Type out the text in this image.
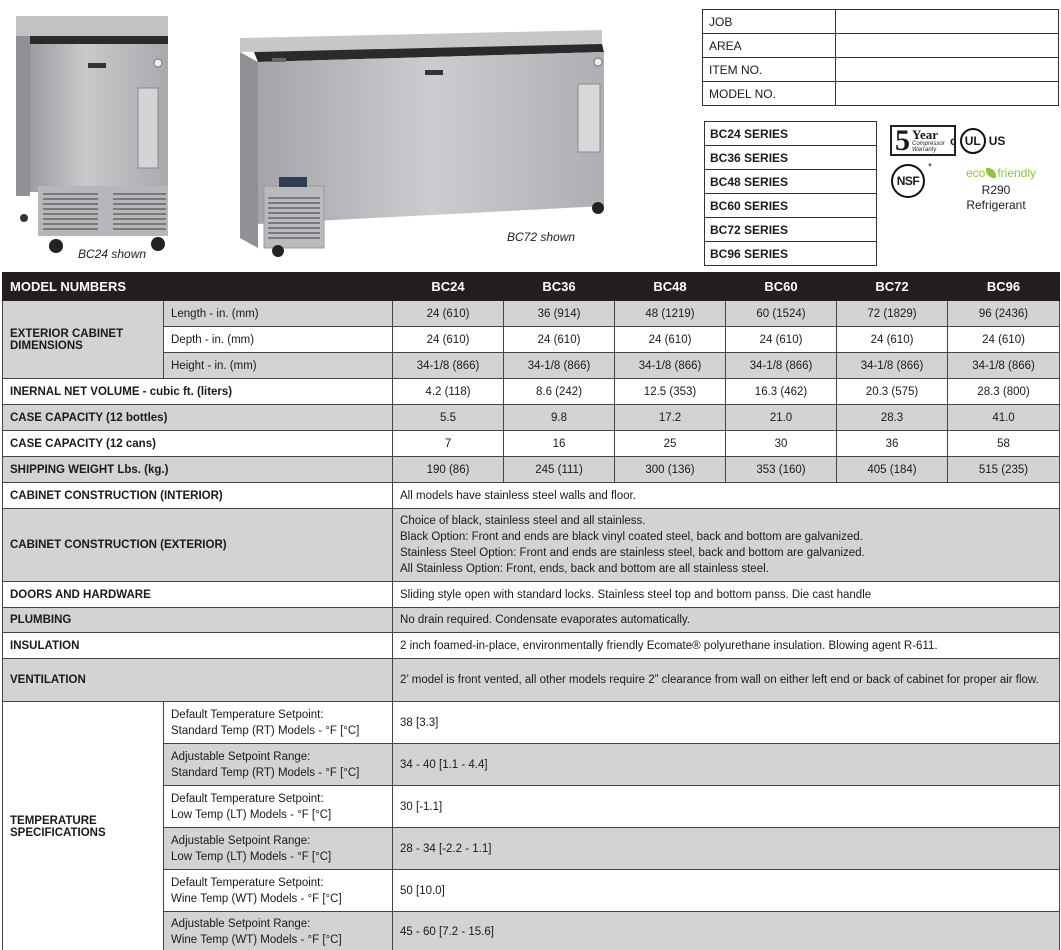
BC24 shown
BC72 shown
JOB	
AREA	
ITEM NO.	
MODEL NO.	
BC24 SERIES
BC36 SERIES
BC48 SERIES
BC60 SERIES
BC72 SERIES
BC96 SERIES
5 Year
Compressor
Warranty
c UL US
NSF
*	eco friendly
R290
Refrigerant
MODEL NUMBERS		BC24	BC36	BC48	BC60	BC72	BC96
EXTERIOR CABINET DIMENSIONS	Length - in. (mm)	24 (610)	36 (914)	48 (1219)	60 (1524)	72 (1829)	96 (2436)
	Depth - in. (mm)	24 (610)	24 (610)	24 (610)	24 (610)	24 (610)	24 (610)
	Height - in. (mm)	34-1/8 (866)	34-1/8 (866)	34-1/8 (866)	34-1/8 (866)	34-1/8 (866)	34-1/8 (866)
INERNAL NET VOLUME - cubic ft. (liters)		4.2 (118)	8.6 (242)	12.5 (353)	16.3 (462)	20.3 (575)	28.3 (800)
CASE CAPACITY (12 bottles)		5.5	9.8	17.2	21.0	28.3	41.0
CASE CAPACITY (12 cans)		7	16	25	30	36	58
SHIPPING WEIGHT Lbs. (kg.)		190 (86)	245 (111)	300 (136)	353 (160)	405 (184)	515 (235)
CABINET CONSTRUCTION (INTERIOR)		All models have stainless steel walls and floor.					
CABINET CONSTRUCTION (EXTERIOR)		Choice of black, stainless steel and all stainless.
Black Option: Front and ends are black vinyl coated steel, back and bottom are galvanized.
Stainless Steel Option: Front and ends are stainless steel, back and bottom are galvanized.
All Stainless Option: Front, ends, back and bottom are all stainless steel.					

DOORS AND HARDWARE		Sliding style open with standard locks. Stainless steel top and bottom panss. Die cast handle					
PLUMBING		No drain required. Condensate evaporates automatically.					
INSULATION		2 inch foamed-in-place, environmentally friendly Ecomate® polyurethane insulation. Blowing agent R-611.					
VENTILATION		2’ model is front vented, all other models require 2” clearance from wall on either left end or back of cabinet for proper air flow.					
TEMPERATURE SPECIFICATIONS	Default Temperature Setpoint:
Standard Temp (RT) Models - °F [°C]	38 [3.3]					

	Adjustable Setpoint Range:
Standard Temp (RT) Models - °F [°C]	34 - 40 [1.1 - 4.4]					

	Default Temperature Setpoint:
Low Temp (LT) Models - °F [°C]	30 [-1.1]					

	Adjustable Setpoint Range:
Low Temp (LT) Models - °F [°C]	28 - 34 [-2.2 - 1.1]					

	Default Temperature Setpoint:
Wine Temp (WT) Models - °F [°C]	50 [10.0]					

	Adjustable Setpoint Range:
Wine Temp (WT) Models - °F [°C]	45 - 60 [7.2 - 15.6]					
